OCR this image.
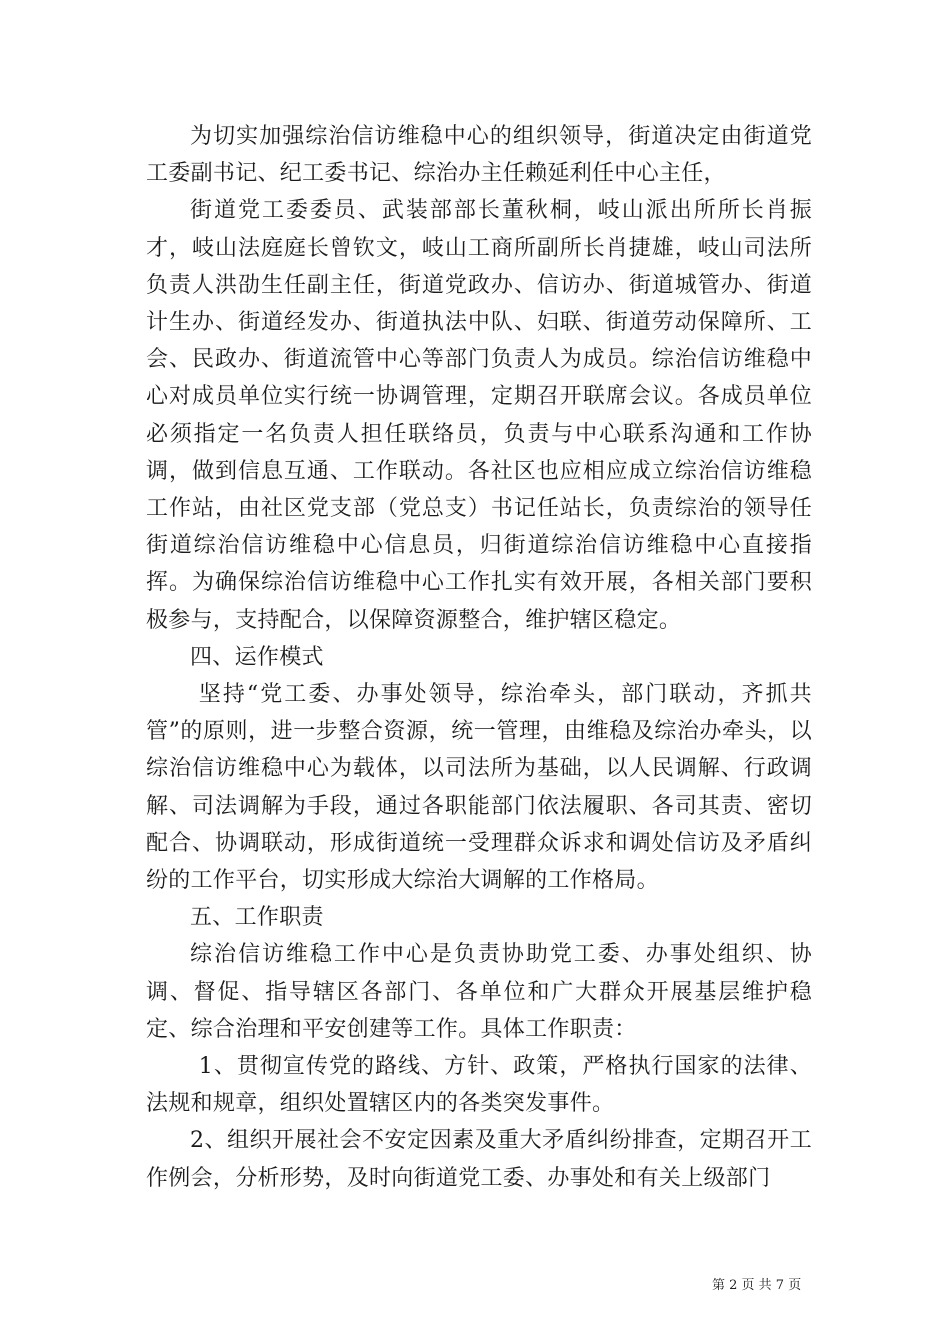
为切实加强综治信访维稳中心的组织领导，街道决定由街道党工委副书记、纪工委书记、综治办主任赖延利任中心主任，

街道党工委委员、武装部部长董秋桐，岐山派出所所长肖振才，岐山法庭庭长曾钦文，岐山工商所副所长肖捷雄，岐山司法所负责人洪劭生任副主任，街道党政办、信访办、街道城管办、街道计生办、街道经发办、街道执法中队、妇联、街道劳动保障所、工会、民政办、街道流管中心等部门负责人为成员。综治信访维稳中心对成员单位实行统一协调管理，定期召开联席会议。各成员单位必须指定一名负责人担任联络员，负责与中心联系沟通和工作协调，做到信息互通、工作联动。各社区也应相应成立综治信访维稳工作站，由社区党支部（党总支）书记任站长，负责综治的领导任街道综治信访维稳中心信息员，归街道综治信访维稳中心直接指挥。为确保综治信访维稳中心工作扎实有效开展，各相关部门要积极参与，支持配合，以保障资源整合，维护辖区稳定。

四、运作模式

坚持“党工委、办事处领导，综治牵头，部门联动，齐抓共管”的原则，进一步整合资源，统一管理，由维稳及综治办牵头，以综治信访维稳中心为载体，以司法所为基础，以人民调解、行政调解、司法调解为手段，通过各职能部门依法履职、各司其责、密切配合、协调联动，形成街道统一受理群众诉求和调处信访及矛盾纠纷的工作平台，切实形成大综治大调解的工作格局。

五、工作职责

综治信访维稳工作中心是负责协助党工委、办事处组织、协调、督促、指导辖区各部门、各单位和广大群众开展基层维护稳定、综合治理和平安创建等工作。具体工作职责：

1、贯彻宣传党的路线、方针、政策，严格执行国家的法律、法规和规章，组织处置辖区内的各类突发事件。

2、组织开展社会不安定因素及重大矛盾纠纷排查，定期召开工作例会，分析形势，及时向街道党工委、办事处和有关上级部门

第 2 页 共 7 页
